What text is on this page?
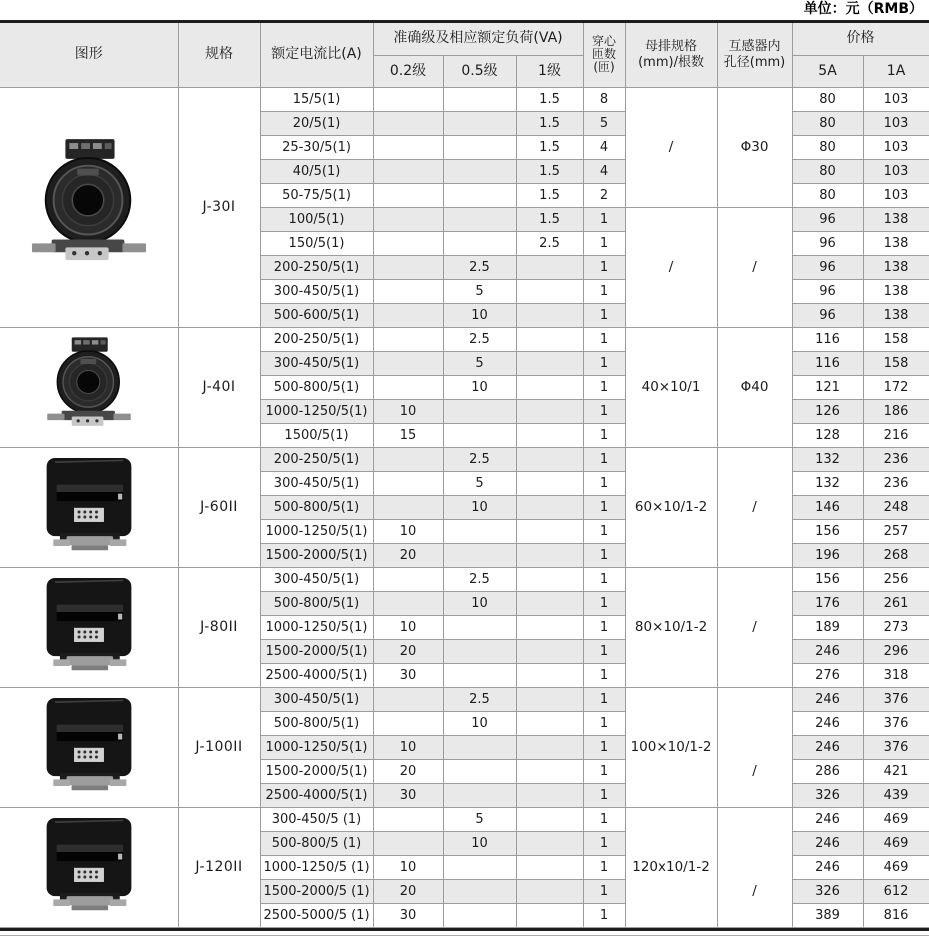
单位：元（RMB）
图形	规格	额定电流比(A)	准确级及相应额定负荷(VA)	穿心
匝数
(匝)

母排规格
(mm)/根数

互感器内
孔径(mm)
	价格
			0.2级	0.5级	1级				5A	1A

	J-30I	15/5(1)			1.5	8	/	Φ30	80	103
		20/5(1)			1.5	5			80	103
		25-30/5(1)			1.5	4			80	103
		40/5(1)			1.5	4			80	103
		50-75/5(1)			1.5	2			80	103
		100/5(1)			1.5	1	/	/	96	138
		150/5(1)			2.5	1			96	138
		200-250/5(1)		2.5		1			96	138
		300-450/5(1)		5		1			96	138
		500-600/5(1)		10		1			96	138

	J-40I	200-250/5(1)		2.5		1	40×10/1	Φ40	116	158
		300-450/5(1)		5		1			116	158
		500-800/5(1)		10		1			121	172
		1000-1250/5(1)	10			1			126	186
		1500/5(1)	15			1			128	216

	J-60II	200-250/5(1)		2.5		1	60×10/1-2	/	132	236
		300-450/5(1)		5		1			132	236
		500-800/5(1)		10		1			146	248
		1000-1250/5(1)	10			1			156	257
		1500-2000/5(1)	20			1			196	268

	J-80II	300-450/5(1)		2.5		1	80×10/1-2	/	156	256
		500-800/5(1)		10		1			176	261
		1000-1250/5(1)	10			1			189	273
		1500-2000/5(1)	20			1			246	296
		2500-4000/5(1)	30			1			276	318

	J-100II	300-450/5(1)		2.5		1	100×10/1-2	/	246	376
		500-800/5(1)		10		1			246	376
		1000-1250/5(1)	10			1			246	376
		1500-2000/5(1)	20			1			286	421
		2500-4000/5(1)	30			1			326	439

	J-120II	300-450/5 (1)		5		1	120x10/1-2	/	246	469
		500-800/5 (1)		10		1			246	469
		1000-1250/5 (1)	10			1			246	469
		1500-2000/5 (1)	20			1			326	612
		2500-5000/5 (1)	30			1			389	816
